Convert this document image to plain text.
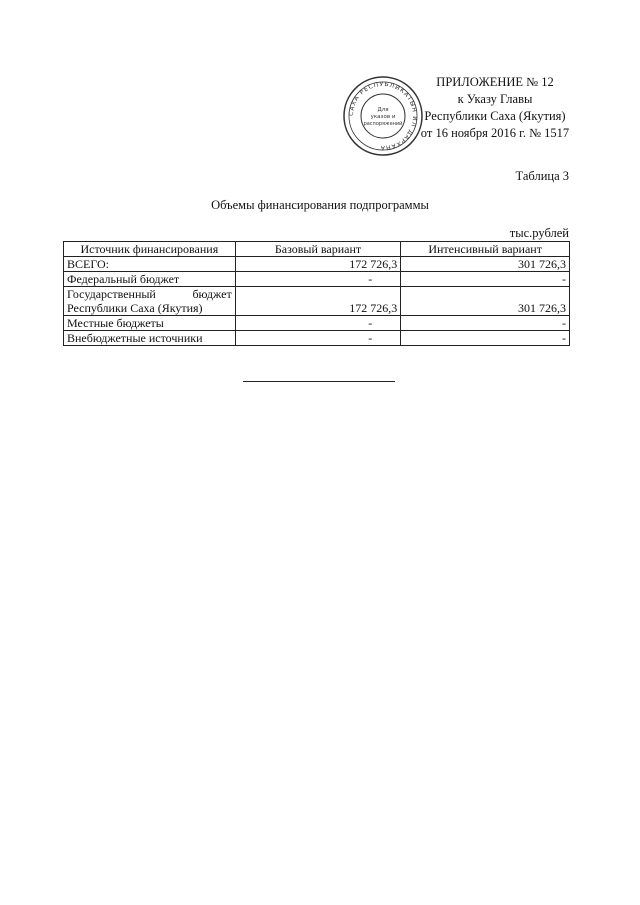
САХА РЕСПУБЛИКАТЫН ИЛ ДАРХАНА
Для
указов и
распоряжений
ПРИЛОЖЕНИЕ № 12
к Указу Главы
Республики Саха (Якутия)
от 16 ноября 2016 г. № 1517
Таблица 3
Объемы финансирования подпрограммы
тыс.рублей
Источник финансирования	Базовый вариант	Интенсивный вариант
ВСЕГО:	172 726,3	301 726,3
Федеральный бюджет	-	-

Государственный бюджет
Республики Саха (Якутия)	172 726,3	301 726,3
Местные бюджеты	-	-
Внебюджетные источники	-	-
